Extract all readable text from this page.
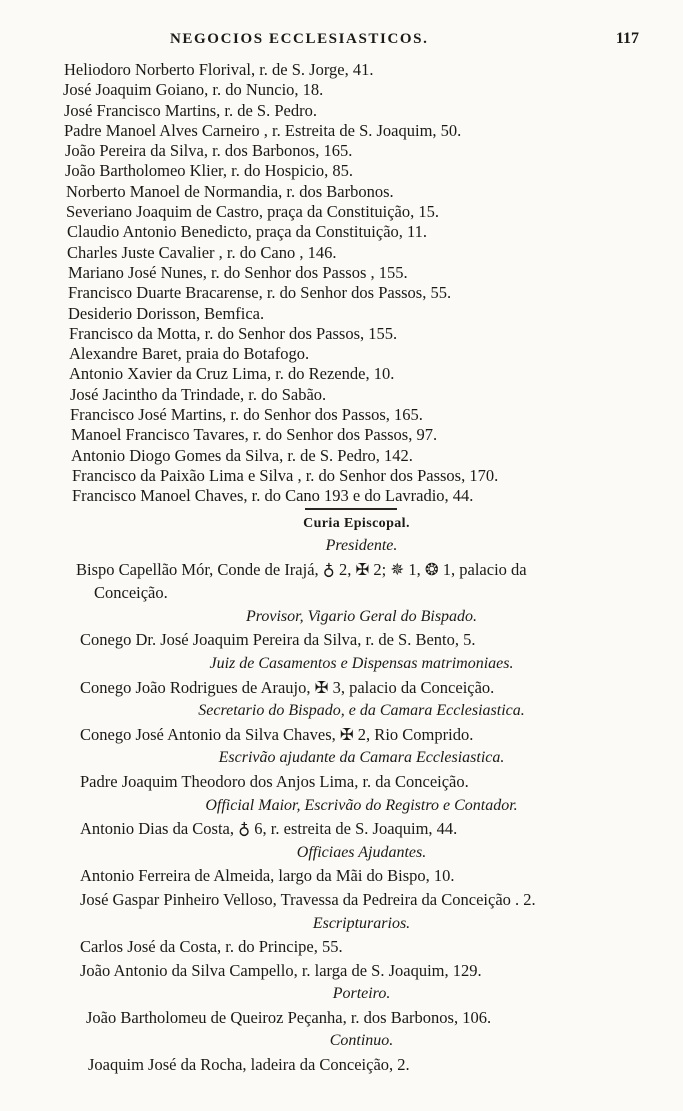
NEGOCIOS ECCLESIASTICOS.	117
Heliodoro Norberto Florival, r. de S. Jorge, 41.
José Joaquim Goiano, r. do Nuncio, 18.
José Francisco Martins, r. de S. Pedro.
Padre Manoel Alves Carneiro , r. Estreita de S. Joaquim, 50.
João Pereira da Silva, r. dos Barbonos, 165.
João Bartholomeo Klier, r. do Hospicio, 85.
Norberto Manoel de Normandia, r. dos Barbonos.
Severiano Joaquim de Castro, praça da Constituição, 15.
Claudio Antonio Benedicto, praça da Constituição, 11.
Charles Juste Cavalier , r. do Cano , 146.
Mariano José Nunes, r. do Senhor dos Passos , 155.
Francisco Duarte Bracarense, r. do Senhor dos Passos, 55.
Desiderio Dorisson, Bemfica.
Francisco da Motta, r. do Senhor dos Passos, 155.
Alexandre Baret, praia do Botafogo.
Antonio Xavier da Cruz Lima, r. do Rezende, 10.
José Jacintho da Trindade, r. do Sabão.
Francisco José Martins, r. do Senhor dos Passos, 165.
Manoel Francisco Tavares, r. do Senhor dos Passos, 97.
Antonio Diogo Gomes da Silva, r. de S. Pedro, 142.
Francisco da Paixão Lima e Silva , r. do Senhor dos Passos, 170.
Francisco Manoel Chaves, r. do Cano 193 e do Lavradio, 44.
Curia Episcopal.
Presidente.
Bispo Capellão Mór, Conde de Irajá, ♁ 2, ✠ 2; ✵ 1, ❂ 1, palacio da
Conceição.
Provisor, Vigario Geral do Bispado.
Conego Dr. José Joaquim Pereira da Silva, r. de S. Bento, 5.
Juiz de Casamentos e Dispensas matrimoniaes.
Conego João Rodrigues de Araujo, ✠ 3, palacio da Conceição.
Secretario do Bispado, e da Camara Ecclesiastica.
Conego José Antonio da Silva Chaves, ✠ 2, Rio Comprido.
Escrivão ajudante da Camara Ecclesiastica.
Padre Joaquim Theodoro dos Anjos Lima, r. da Conceição.
Official Maior, Escrivão do Registro e Contador.
Antonio Dias da Costa, ♁ 6, r. estreita de S. Joaquim, 44.
Officiaes Ajudantes.
Antonio Ferreira de Almeida, largo da Mãi do Bispo, 10.
José Gaspar Pinheiro Velloso, Travessa da Pedreira da Conceição . 2.
Escripturarios.
Carlos José da Costa, r. do Principe, 55.
João Antonio da Silva Campello, r. larga de S. Joaquim, 129.
Porteiro.
João Bartholomeu de Queiroz Peçanha, r. dos Barbonos, 106.
Continuo.
Joaquim José da Rocha, ladeira da Conceição, 2.
